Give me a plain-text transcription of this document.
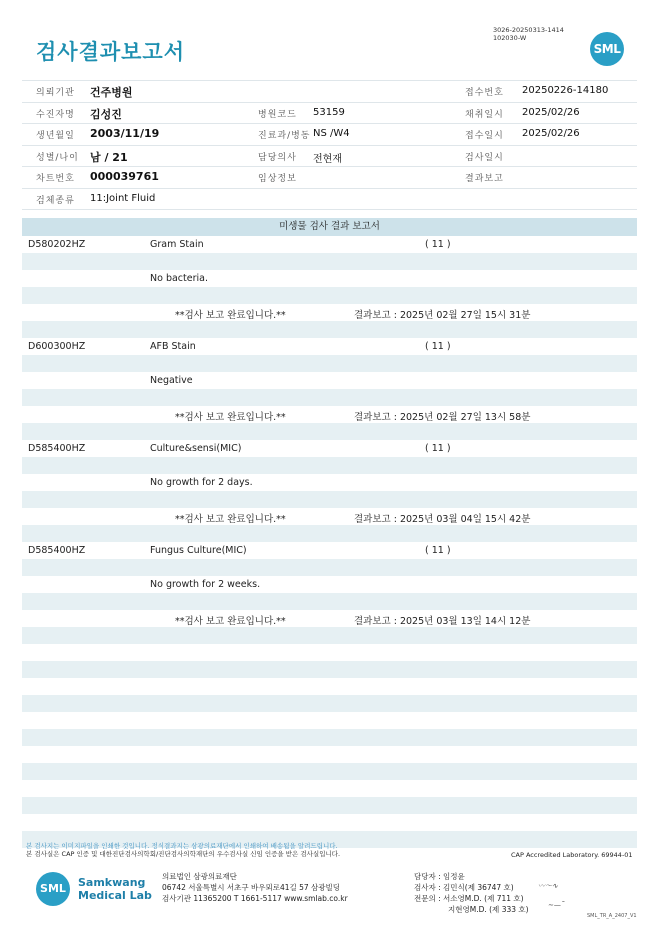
검사결과보고서
3026-20250313-1414
102030-W
SML
의뢰기관 건주병원	접수번호 20250226-14180
수진자명 김성진	병원코드 53159	채취일시 2025/02/26
생년월일 2003/11/19	진료과/병동 NS /W4	접수일시 2025/02/26
성별/나이 남 / 21	담당의사 전현재	검사일시
차트번호 000039761	임상정보	결과보고
검체종류 11:Joint Fluid
미생물 검사 결과 보고서
D580202HZ	Gram Stain	( 11 )
No bacteria.
**검사 보고 완료입니다.**	결과보고 : 2025년 02월 27일 15시 31분
D600300HZ	AFB Stain	( 11 )
Negative
**검사 보고 완료입니다.**	결과보고 : 2025년 02월 27일 13시 58분
D585400HZ	Culture&sensi(MIC)	( 11 )
No growth for 2 days.
**검사 보고 완료입니다.**	결과보고 : 2025년 03월 04일 15시 42분
D585400HZ	Fungus Culture(MIC)	( 11 )
No growth for 2 weeks.
**검사 보고 완료입니다.**	결과보고 : 2025년 03월 13일 14시 12분
본 검사지는 이미지파일을 인쇄한 것입니다. 정식결과지는 삼광의료재단에서 인쇄하여 배송됨을 알려드립니다.
본 검사실은 CAP 인증 및 대한진단검사의학회/진단검사의학재단의 우수검사실 신임 인증을 받은 검사실입니다.	CAP Accredited Laboratory. 69944-01
SML	Samkwang
Medical Lab
의료법인 삼광의료재단
06742 서울특별시 서초구 바우뫼로41길 57 삼광빌딩
검사기관 11365200 T 1661-5117 www.smlab.co.kr
담당자 : 임정윤
검사자 : 김민식(제 36747 호)
전문의 : 서소영M.D. (제 711 호)
지현영M.D. (제 333 호)
〰〜∿
∼—˜
SML_TR_A_2407_V1
